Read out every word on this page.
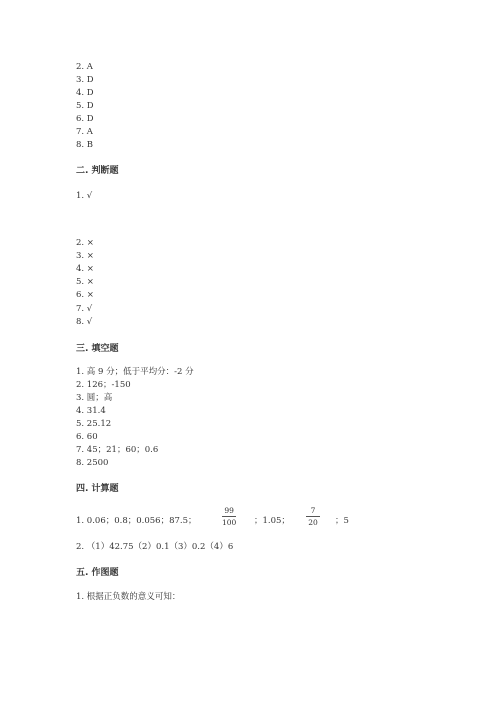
2. A
3. D
4. D
5. D
6. D
7. A
8. B
二. 判断题
1. √
2. ×
3. ×
4. ×
5. ×
6. ×
7. √
8. √
三. 填空题
1. 高 9 分；低于平均分：-2 分
2. 126；-150
3. 圆；高
4. 31.4
5. 25.12
6. 60
7. 45；21；60；0.6
8. 2500
四. 计算题
1. 0.06；0.8；0.056；87.5；
99
100 ；1.05；
7
20 ；5
2. （1）42.75（2）0.1（3）0.2（4）6
五. 作图题
1. 根据正负数的意义可知：
